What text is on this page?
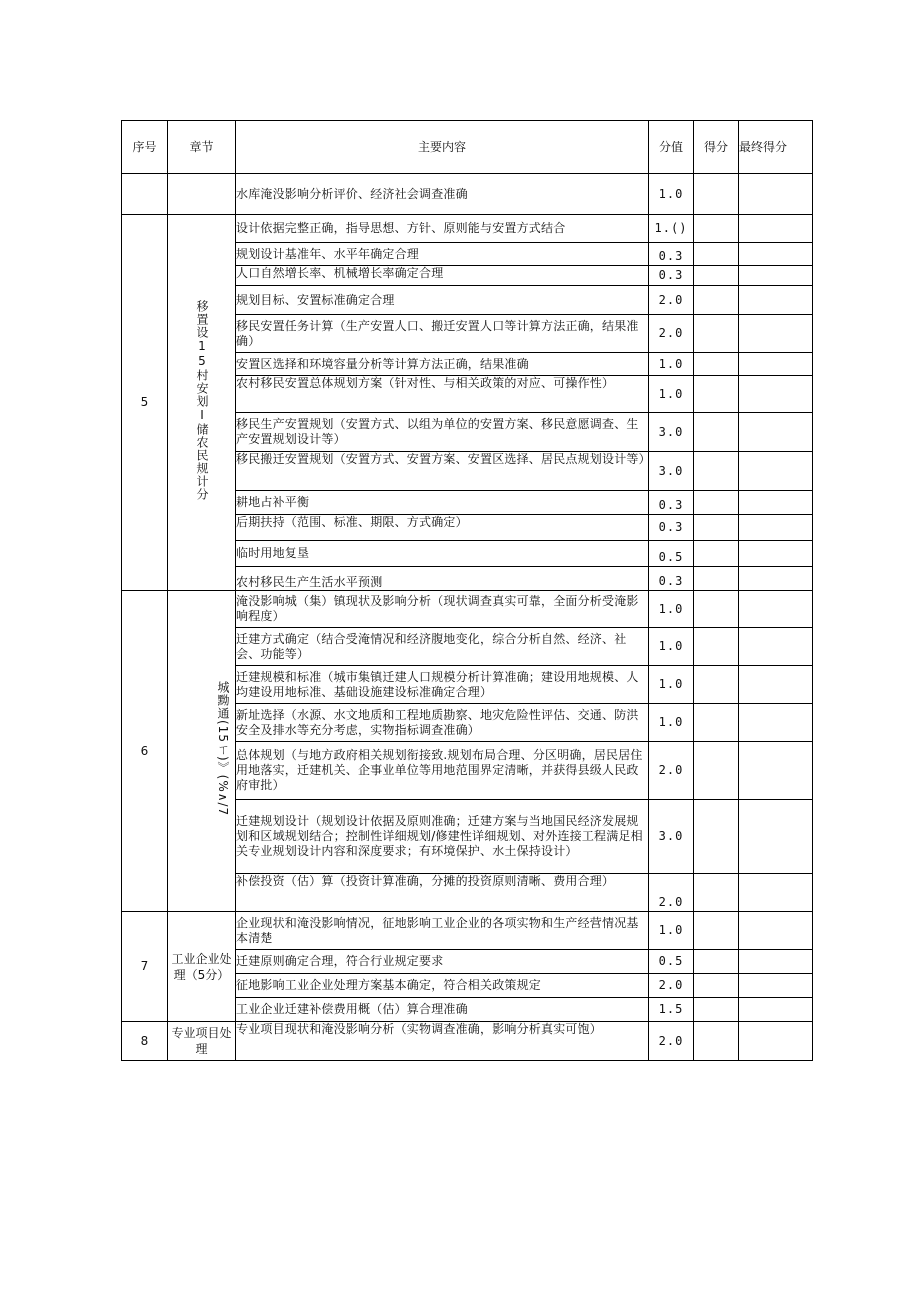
序号	章节	主要内容	分值	得分	最终得分
		水库淹没影响分析评价、经济社会调查准确	1.0		
5	移置设15村安划I储农民规计分	设计依据完整正确，指导思想、方针、原则能与安置方式结合	1.()		
		规划设计基准年、水平年确定合理	0.3		
		人口自然增长率、机械增长率确定合理	0.3		
		规划目标、安置标准确定合理	2.0		
		移民安置任务计算（生产安置人口、搬迁安置人口等计算方法正确，结果准确）	2.0		
		安置区选择和环境容量分析等计算方法正确，结果准确	1.0		
		农村移民安置总体规划方案（针对性、与相关政策的对应、可操作性）	1.0		
		移民生产安置规划（安置方式、以组为单位的安置方案、移民意愿调查、生产安置规划设计等）	3.0		
		移民搬迁安置规划（安置方式、安置方案、安置区选择、居民点规划设计等）	3.0		
		耕地占补平衡	0.3		
		后期扶持（范围、标准、期限、方式确定）	0.3		
		临时用地复垦	0.5		
		农村移民生产生活水平预测	0.3		
6	城黝通(15ㄒ)》(%∧/7	淹没影响城（集）镇现状及影响分析（现状调查真实可靠，全面分析受淹影响程度）	1.0		
		迁建方式确定（结合受淹情况和经济腹地变化，综合分析自然、经济、社会、功能等）	1.0		
		迁建规模和标准（城市集镇迁建人口规模分析计算准确；建设用地规模、人均建设用地标准、基础设施建设标准确定合理）	1.0		
		新址选择（水源、水文地质和工程地质勘察、地灾危险性评估、交通、防洪安全及排水等充分考虑，实物指标调查准确）	1.0		
		总体规划（与地方政府相关规划衔接致.规划布局合理、分区明确，居民居住用地落实，迁建机关、企事业单位等用地范围界定清晰，并获得县级人民政府审批）	2.0		
		迁建规划设计（规划设计依据及原则准确；迁建方案与当地国民经济发展规划和区域规划结合；控制性详细规划/修建性详细规划、对外连接工程满足相关专业规划设计内容和深度要求；有环境保护、水土保持设计）	3.0		
		补偿投资（估）算（投资计算准确，分摊的投资原则清晰、费用合理）	2.0		
7	工业企业处理（5分）	企业现状和淹没影响情况，征地影响工业企业的各项实物和生产经营情况基本清楚	1.0		
		迁建原则确定合理，符合行业规定要求	0.5		
		征地影响工业企业处理方案基本确定，符合相关政策规定	2.0		
		工业企业迁建补偿费用概（估）算合理准确	1.5		
8	专业项目处理	专业项目现状和淹没影响分析（实物调查准确，影响分析真实可饱）	2.0		
